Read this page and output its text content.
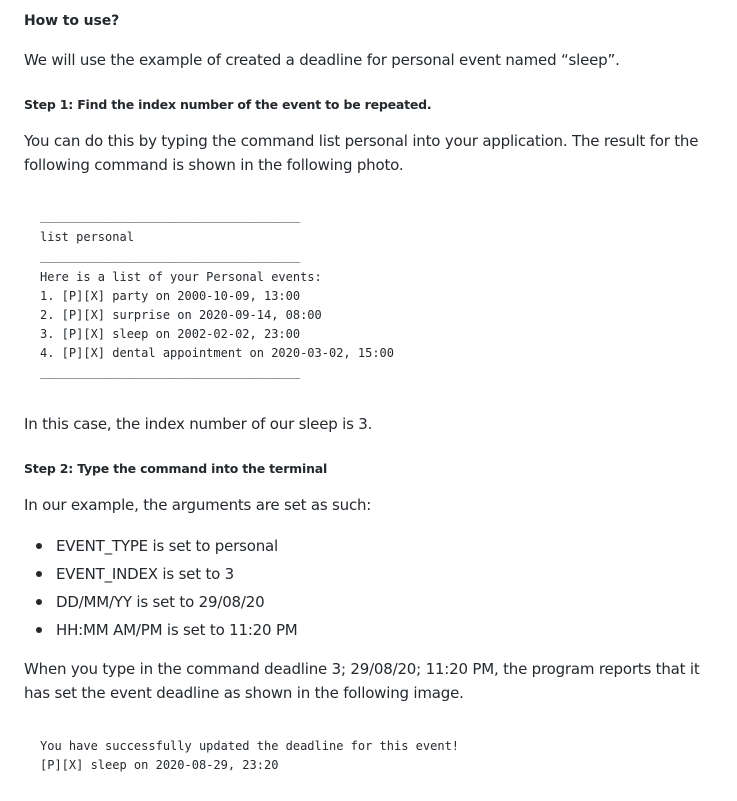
How to use?
We will use the example of created a deadline for personal event named “sleep”.
Step 1: Find the index number of the event to be repeated.
You can do this by typing the command list personal into your application. The result for the following command is shown in the following photo.
____________________________________
list personal
____________________________________
Here is a list of your Personal events:
1. [P][X] party on 2000-10-09, 13:00
2. [P][X] surprise on 2020-09-14, 08:00
3. [P][X] sleep on 2002-02-02, 23:00
4. [P][X] dental appointment on 2020-03-02, 15:00
____________________________________
In this case, the index number of our sleep is 3.
Step 2: Type the command into the terminal
In our example, the arguments are set as such:
EVENT_TYPE is set to personal
EVENT_INDEX is set to 3
DD/MM/YY is set to 29/08/20
HH:MM AM/PM is set to 11:20 PM
When you type in the command deadline 3; 29/08/20; 11:20 PM, the program reports that it has set the event deadline as shown in the following image.
You have successfully updated the deadline for this event!
[P][X] sleep on 2020-08-29, 23:20
